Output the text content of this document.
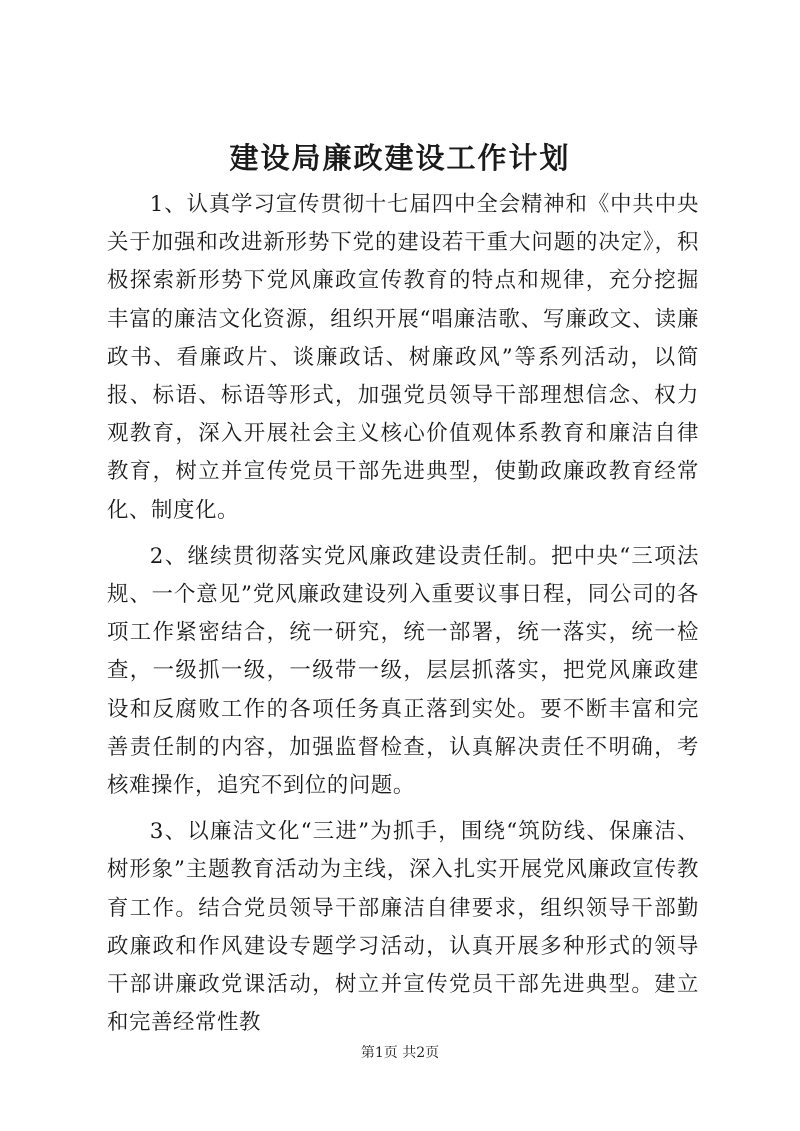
建设局廉政建设工作计划

1、认真学习宣传贯彻十七届四中全会精神和《中共中央关于加强和改进新形势下党的建设若干重大问题的决定》，积极探索新形势下党风廉政宣传教育的特点和规律，充分挖掘丰富的廉洁文化资源，组织开展“唱廉洁歌、写廉政文、读廉政书、看廉政片、谈廉政话、树廉政风”等系列活动，以简报、标语、标语等形式，加强党员领导干部理想信念、权力观教育，深入开展社会主义核心价值观体系教育和廉洁自律教育，树立并宣传党员干部先进典型，使勤政廉政教育经常化、制度化。

2、继续贯彻落实党风廉政建设责任制。把中央“三项法规、一个意见”党风廉政建设列入重要议事日程，同公司的各项工作紧密结合，统一研究，统一部署，统一落实，统一检查，一级抓一级，一级带一级，层层抓落实，把党风廉政建设和反腐败工作的各项任务真正落到实处。要不断丰富和完善责任制的内容，加强监督检查，认真解决责任不明确，考核难操作，追究不到位的问题。

3、以廉洁文化“三进”为抓手，围绕“筑防线、保廉洁、树形象”主题教育活动为主线，深入扎实开展党风廉政宣传教育工作。结合党员领导干部廉洁自律要求，组织领导干部勤政廉政和作风建设专题学习活动，认真开展多种形式的领导干部讲廉政党课活动，树立并宣传党员干部先进典型。建立和完善经常性教

第1页 共2页
